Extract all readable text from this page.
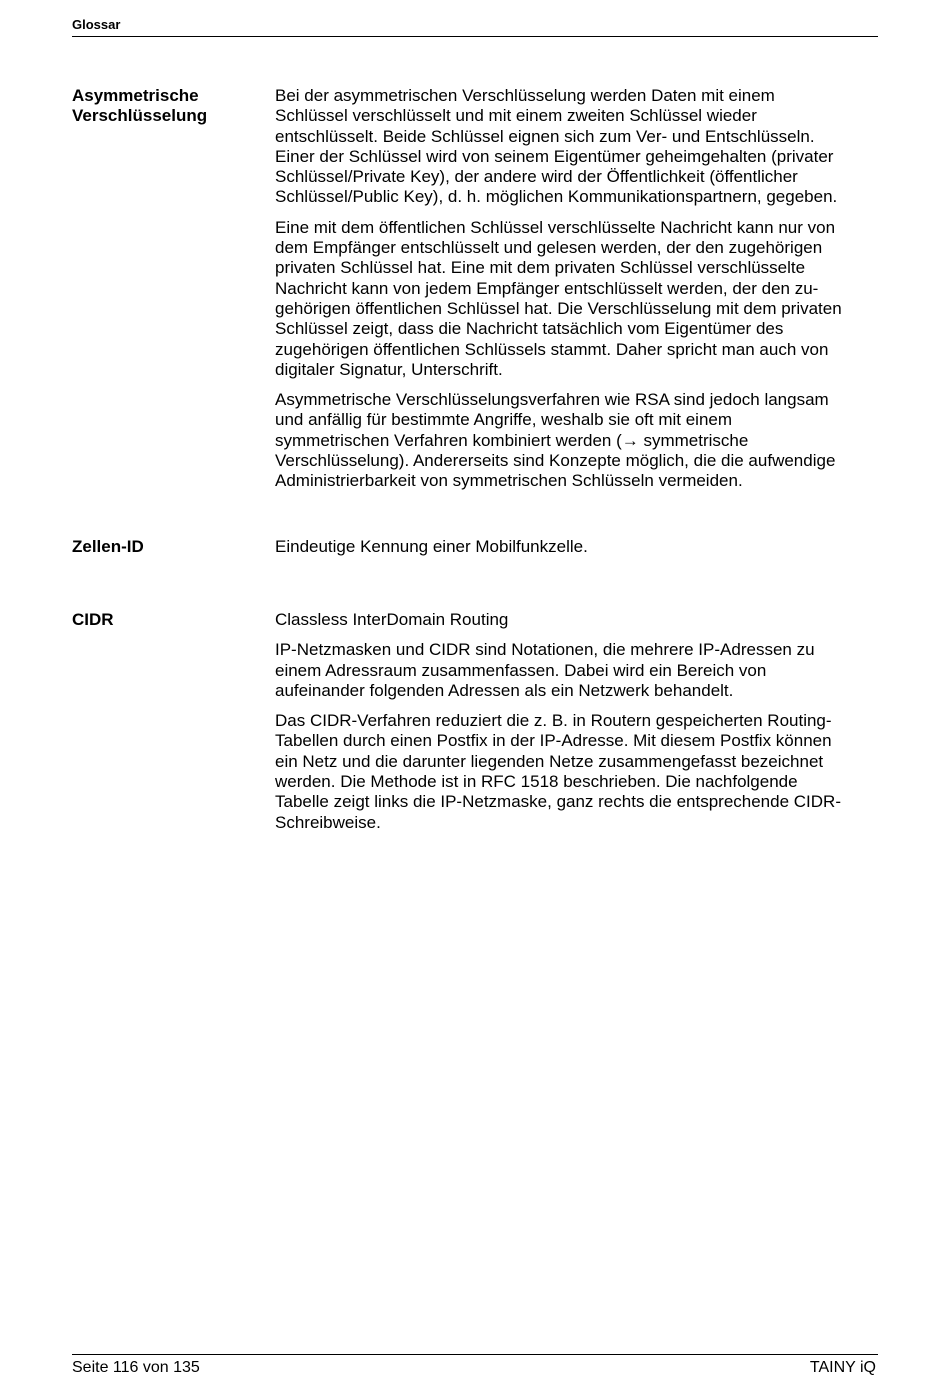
Glossar
Asymmetrische
Verschlüsselung

Bei der asymmetrischen Verschlüsselung werden Daten mit einem
Schlüssel verschlüsselt und mit einem zweiten Schlüssel wieder
entschlüsselt. Beide Schlüssel eignen sich zum Ver- und Entschlüsseln.
Einer der Schlüssel wird von seinem Eigentümer geheimgehalten (privater
Schlüssel/Private Key), der andere wird der Öffentlichkeit (öffentlicher
Schlüssel/Public Key), d. h. möglichen Kommunikationspartnern, gegeben.

Eine mit dem öffentlichen Schlüssel verschlüsselte Nachricht kann nur von
dem Empfänger entschlüsselt und gelesen werden, der den zugehörigen
privaten Schlüssel hat. Eine mit dem privaten Schlüssel verschlüsselte
Nachricht kann von jedem Empfänger entschlüsselt werden, der den zu-
gehörigen öffentlichen Schlüssel hat. Die Verschlüsselung mit dem privaten
Schlüssel zeigt, dass die Nachricht tatsächlich vom Eigentümer des
zugehörigen öffentlichen Schlüssels stammt. Daher spricht man auch von
digitaler Signatur, Unterschrift.

Asymmetrische Verschlüsselungsverfahren wie RSA sind jedoch langsam
und anfällig für bestimmte Angriffe, weshalb sie oft mit einem
symmetrischen Verfahren kombiniert werden (→ symmetrische
Verschlüsselung). Andererseits sind Konzepte möglich, die die aufwendige
Administrierbarkeit von symmetrischen Schlüsseln vermeiden.

Zellen-ID	Eindeutige Kennung einer Mobilfunkzelle.

CIDR	Classless InterDomain Routing

IP-Netzmasken und CIDR sind Notationen, die mehrere IP-Adressen zu
einem Adressraum zusammenfassen. Dabei wird ein Bereich von
aufeinander folgenden Adressen als ein Netzwerk behandelt.

Das CIDR-Verfahren reduziert die z. B. in Routern gespeicherten Routing-
Tabellen durch einen Postfix in der IP-Adresse. Mit diesem Postfix können
ein Netz und die darunter liegenden Netze zusammengefasst bezeichnet
werden. Die Methode ist in RFC 1518 beschrieben. Die nachfolgende
Tabelle zeigt links die IP-Netzmaske, ganz rechts die entsprechende CIDR-
Schreibweise.

Seite 116 von 135	TAINY iQ
